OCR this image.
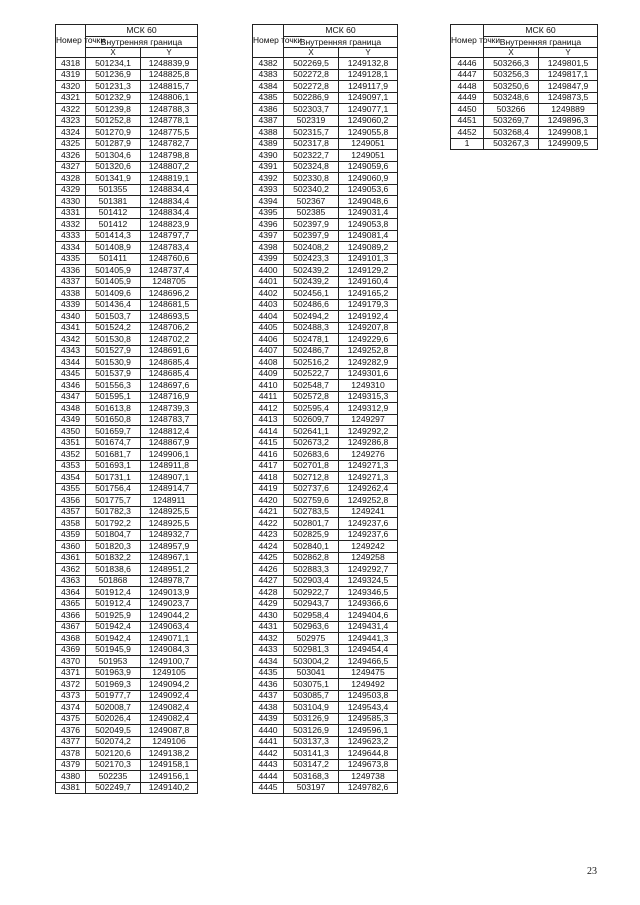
Номер точки	МСК 60	
	Внутренняя граница	
	X	Y
4318	501234,1	1248839,9
4319	501236,9	1248825,8
4320	501231,3	1248815,7
4321	501232,9	1248806,1
4322	501239,8	1248788,3
4323	501252,8	1248778,1
4324	501270,9	1248775,5
4325	501287,9	1248782,7
4326	501304,6	1248798,8
4327	501320,6	1248807,2
4328	501341,9	1248819,1
4329	501355	1248834,4
4330	501381	1248834,4
4331	501412	1248834,4
4332	501412	1248823,9
4333	501414,3	1248797,7
4334	501408,9	1248783,4
4335	501411	1248760,6
4336	501405,9	1248737,4
4337	501405,9	1248705
4338	501409,6	1248696,2
4339	501436,4	1248681,5
4340	501503,7	1248693,5
4341	501524,2	1248706,2
4342	501530,8	1248702,2
4343	501527,9	1248691,6
4344	501530,9	1248685,4
4345	501537,9	1248685,4
4346	501556,3	1248697,6
4347	501595,1	1248716,9
4348	501613,8	1248739,3
4349	501650,8	1248783,7
4350	501659,7	1248812,4
4351	501674,7	1248867,9
4352	501681,7	1249906,1
4353	501693,1	1248911,8
4354	501731,1	1248907,1
4355	501756,4	1248914,7
4356	501775,7	1248911
4357	501782,3	1248925,5
4358	501792,2	1248925,5
4359	501804,7	1248932,7
4360	501820,3	1248957,9
4361	501832,2	1248967,1
4362	501838,6	1248951,2
4363	501868	1248978,7
4364	501912,4	1249013,9
4365	501912,4	1249023,7
4366	501925,9	1249044,2
4367	501942,4	1249063,4
4368	501942,4	1249071,1
4369	501945,9	1249084,3
4370	501953	1249100,7
4371	501963,9	1249105
4372	501969,3	1249094,2
4373	501977,7	1249092,4
4374	502008,7	1249082,4
4375	502026,4	1249082,4
4376	502049,5	1249087,8
4377	502074,2	1249106
4378	502120,6	1249138,2
4379	502170,3	1249158,1
4380	502235	1249156,1
4381	502249,7	1249140,2
Номер точки	МСК 60	
	Внутренняя граница	
	X	Y
4382	502269,5	1249132,8
4383	502272,8	1249128,1
4384	502272,8	1249117,9
4385	502286,9	1249097,1
4386	502303,7	1249077,1
4387	502319	1249060,2
4388	502315,7	1249055,8
4389	502317,8	1249051
4390	502322,7	1249051
4391	502324,8	1249059,6
4392	502330,8	1249060,9
4393	502340,2	1249053,6
4394	502367	1249048,6
4395	502385	1249031,4
4396	502397,9	1249053,8
4397	502397,9	1249081,4
4398	502408,2	1249089,2
4399	502423,3	1249101,3
4400	502439,2	1249129,2
4401	502439,2	1249160,4
4402	502456,1	1249165,2
4403	502486,6	1249179,3
4404	502494,2	1249192,4
4405	502488,3	1249207,8
4406	502478,1	1249229,6
4407	502486,7	1249252,8
4408	502516,2	1249282,9
4409	502522,7	1249301,6
4410	502548,7	1249310
4411	502572,8	1249315,3
4412	502595,4	1249312,9
4413	502609,7	1249297
4414	502641,1	1249292,2
4415	502673,2	1249286,8
4416	502683,6	1249276
4417	502701,8	1249271,3
4418	502712,8	1249271,3
4419	502737,6	1249262,4
4420	502759,6	1249252,8
4421	502783,5	1249241
4422	502801,7	1249237,6
4423	502825,9	1249237,6
4424	502840,1	1249242
4425	502862,8	1249258
4426	502883,3	1249292,7
4427	502903,4	1249324,5
4428	502922,7	1249346,5
4429	502943,7	1249366,6
4430	502958,4	1249404,6
4431	502963,6	1249431,4
4432	502975	1249441,3
4433	502981,3	1249454,4
4434	503004,2	1249466,5
4435	503041	1249475
4436	503075,1	1249492
4437	503085,7	1249503,8
4438	503104,9	1249543,4
4439	503126,9	1249585,3
4440	503126,9	1249596,1
4441	503137,3	1249623,2
4442	503141,3	1249644,8
4443	503147,2	1249673,8
4444	503168,3	1249738
4445	503197	1249782,6
Номер точки	МСК 60	
	Внутренняя граница	
	X	Y
4446	503266,3	1249801,5
4447	503256,3	1249817,1
4448	503250,6	1249847,9
4449	503248,6	1249873,5
4450	503266	1249889
4451	503269,7	1249896,3
4452	503268,4	1249908,1
1	503267,3	1249909,5
23
